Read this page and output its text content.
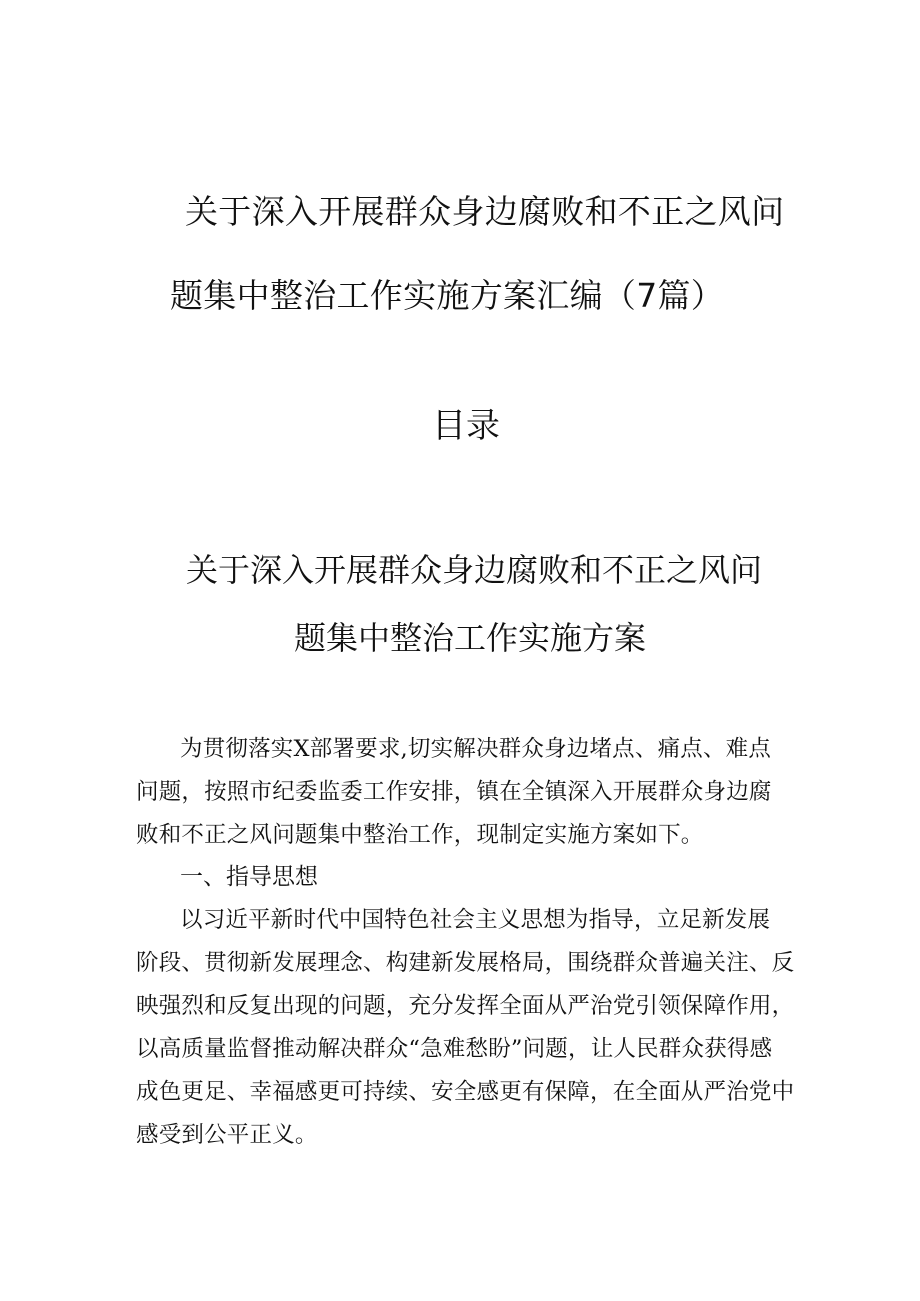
关于深入开展群众身边腐败和不正之风问

题集中整治工作实施方案汇编（7篇）

目录

关于深入开展群众身边腐败和不正之风问

题集中整治工作实施方案

为贯彻落实X部署要求,切实解决群众身边堵点、痛点、难点

问题，按照市纪委监委工作安排，镇在全镇深入开展群众身边腐

败和不正之风问题集中整治工作，现制定实施方案如下。

一、指导思想

以习近平新时代中国特色社会主义思想为指导，立足新发展

阶段、贯彻新发展理念、构建新发展格局，围绕群众普遍关注、反

映强烈和反复出现的问题，充分发挥全面从严治党引领保障作用，

以高质量监督推动解决群众“急难愁盼”问题，让人民群众获得感

成色更足、幸福感更可持续、安全感更有保障，在全面从严治党中

感受到公平正义。
